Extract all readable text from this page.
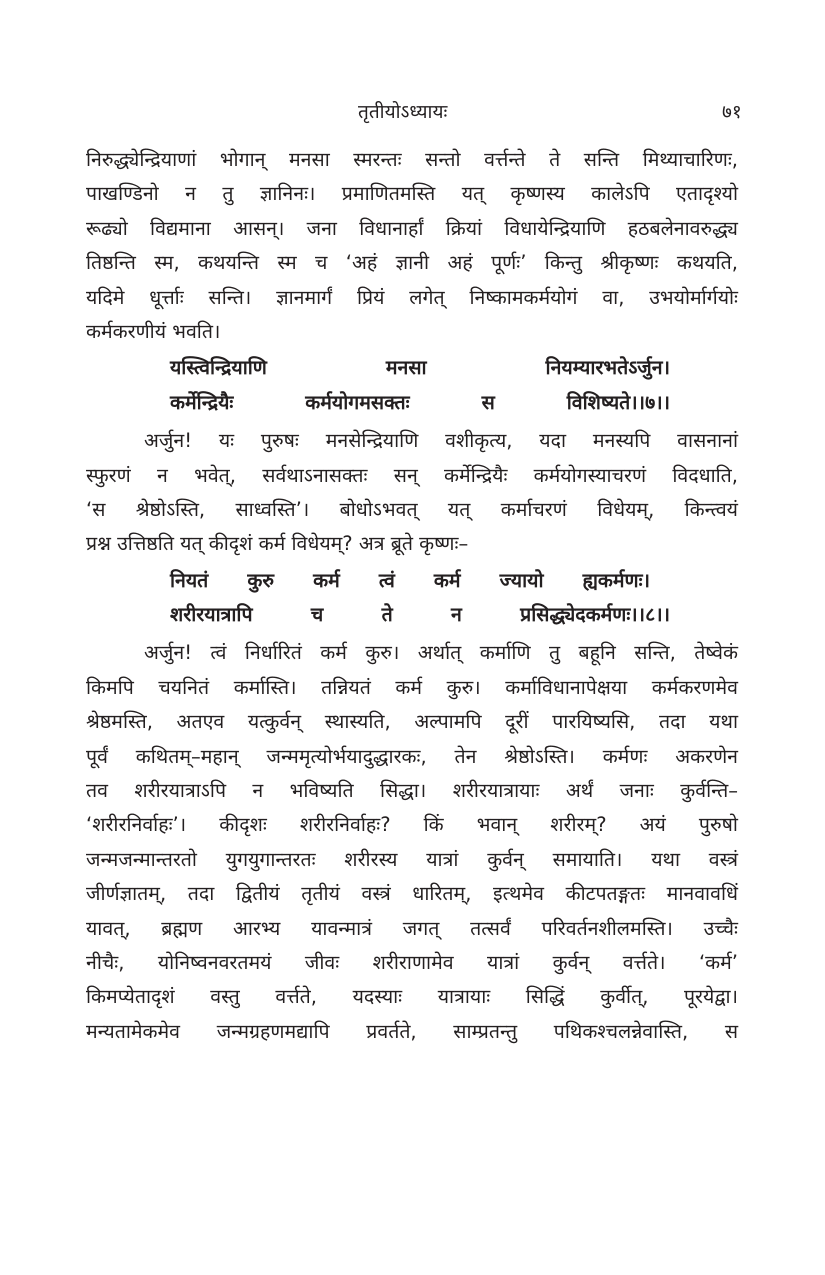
तृतीयोऽध्यायः	७१
निरुद्ध्येन्द्रियाणां भोगान् मनसा स्मरन्तः सन्तो वर्त्तन्ते ते सन्ति मिथ्याचारिणः,
पाखण्डिनो न तु ज्ञानिनः। प्रमाणितमस्ति यत् कृष्णस्य कालेऽपि एतादृश्यो
रूढ्यो विद्यमाना आसन्। जना विधानार्हां क्रियां विधायेन्द्रियाणि हठबलेनावरुद्ध्य
तिष्ठन्ति स्म, कथयन्ति स्म च ‘अहं ज्ञानी अहं पूर्णः’ किन्तु श्रीकृष्णः कथयति,
यदिमे धूर्त्ताः सन्ति। ज्ञानमार्गं प्रियं लगेत् निष्कामकर्मयोगं वा, उभयोर्मार्गयोः
कर्मकरणीयं भवति।
यस्त्विन्द्रियाणि मनसा नियम्यारभतेऽर्जुन।
कर्मेन्द्रियैः कर्मयोगमसक्तः स विशिष्यते।।७।।
अर्जुन! यः पुरुषः मनसेन्द्रियाणि वशीकृत्य, यदा मनस्यपि वासनानां
स्फुरणं न भवेत्, सर्वथाऽनासक्तः सन् कर्मेन्द्रियैः कर्मयोगस्याचरणं विदधाति,
‘स श्रेष्ठोऽस्ति, साध्वस्ति’। बोधोऽभवत् यत् कर्माचरणं विधेयम्, किन्त्वयं
प्रश्न उत्तिष्ठति यत् कीदृशं कर्म विधेयम्? अत्र ब्रूते कृष्णः–
नियतं कुरु कर्म त्वं कर्म ज्यायो ह्यकर्मणः।
शरीरयात्रापि च ते न प्रसिद्ध्येदकर्मणः।।८।।
अर्जुन! त्वं निर्धारितं कर्म कुरु। अर्थात् कर्माणि तु बहूनि सन्ति, तेष्वेकं
किमपि चयनितं कर्मास्ति। तन्नियतं कर्म कुरु। कर्माविधानापेक्षया कर्मकरणमेव
श्रेष्ठमस्ति, अतएव यत्कुर्वन् स्थास्यति, अल्पामपि दूरीं पारयिष्यसि, तदा यथा
पूर्वं कथितम्–महान् जन्ममृत्योर्भयादुद्धारकः, तेन श्रेष्ठोऽस्ति। कर्मणः अकरणेन
तव शरीरयात्राऽपि न भविष्यति सिद्धा। शरीरयात्रायाः अर्थं जनाः कुर्वन्ति–
‘शरीरनिर्वाहः’। कीदृशः शरीरनिर्वाहः? किं भवान् शरीरम्? अयं पुरुषो
जन्मजन्मान्तरतो युगयुगान्तरतः शरीरस्य यात्रां कुर्वन् समायाति। यथा वस्त्रं
जीर्णज्ञातम्, तदा द्वितीयं तृतीयं वस्त्रं धारितम्, इत्थमेव कीटपतङ्गतः मानवावधिं
यावत्, ब्रह्मण आरभ्य यावन्मात्रं जगत् तत्सर्वं परिवर्तनशीलमस्ति। उच्चैः
नीचैः, योनिष्वनवरतमयं जीवः शरीराणामेव यात्रां कुर्वन् वर्त्तते। ‘कर्म’
किमप्येतादृशं वस्तु वर्त्तते, यदस्याः यात्रायाः सिद्धिं कुर्वीत्, पूरयेद्वा।
मन्यतामेकमेव जन्मग्रहणमद्यापि प्रवर्तते, साम्प्रतन्तु पथिकश्चलन्नेवास्ति, स
